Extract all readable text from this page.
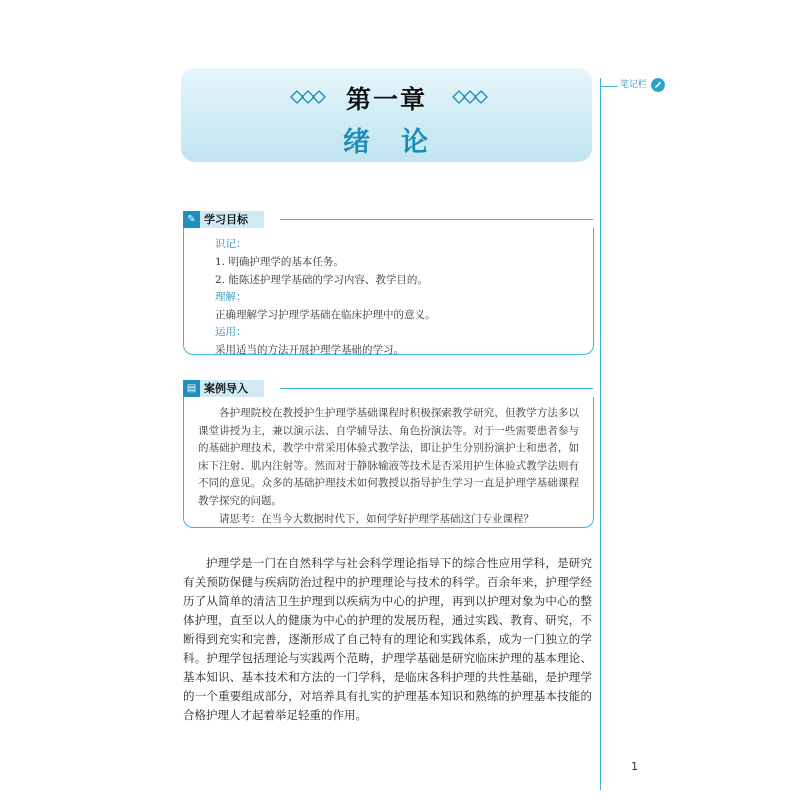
第一章
绪　论
笔记栏
✎ 学习目标
识记：
1. 明确护理学的基本任务。
2. 能陈述护理学基础的学习内容、教学目的。
理解：
正确理解学习护理学基础在临床护理中的意义。
运用：
采用适当的方法开展护理学基础的学习。
▤ 案例导入

各护理院校在教授护生护理学基础课程时积极探索教学研究，但教学方法多以课堂讲授为主，兼以演示法、自学辅导法、角色扮演法等。对于一些需要患者参与的基础护理技术，教学中常采用体验式教学法，即让护生分别扮演护士和患者，如床下注射、肌内注射等。然而对于静脉输液等技术是否采用护生体验式教学法则有不同的意见。众多的基础护理技术如何教授以指导护生学习一直是护理学基础课程教学探究的问题。

请思考：在当今大数据时代下，如何学好护理学基础这门专业课程？

护理学是一门在自然科学与社会科学理论指导下的综合性应用学科，是研究有关预防保健与疾病防治过程中的护理理论与技术的科学。百余年来，护理学经历了从简单的清洁卫生护理到以疾病为中心的护理，再到以护理对象为中心的整体护理，直至以人的健康为中心的护理的发展历程，通过实践、教育、研究，不断得到充实和完善，逐渐形成了自己特有的理论和实践体系，成为一门独立的学科。护理学包括理论与实践两个范畴，护理学基础是研究临床护理的基本理论、基本知识、基本技术和方法的一门学科，是临床各科护理的共性基础，是护理学的一个重要组成部分，对培养具有扎实的护理基本知识和熟练的护理基本技能的合格护理人才起着举足轻重的作用。

1
